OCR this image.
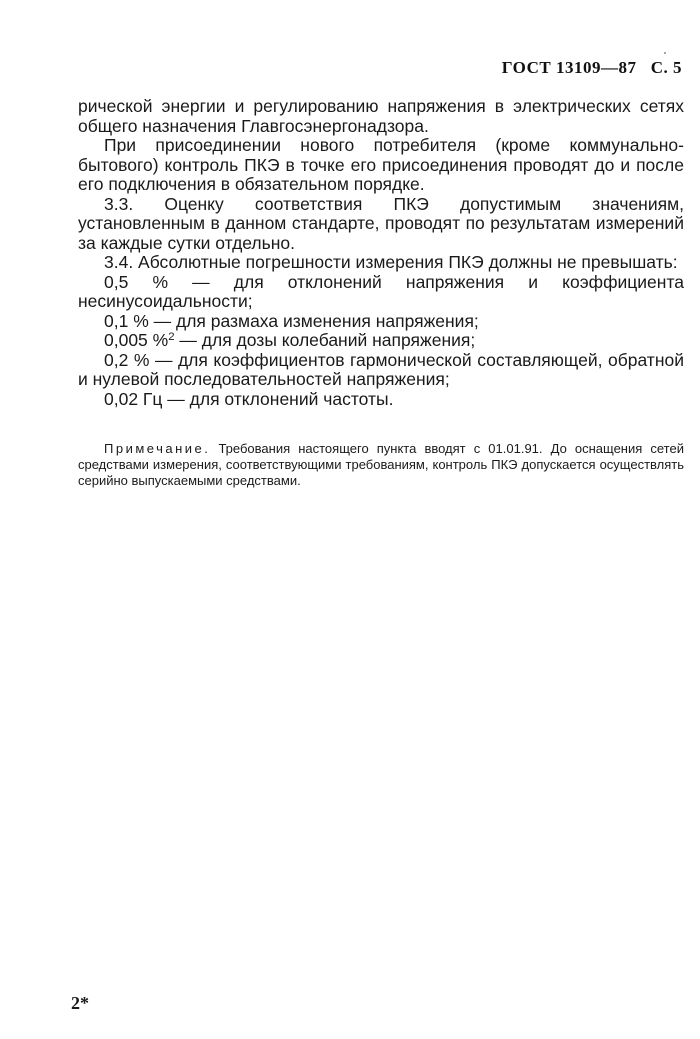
ГОСТ 13109—87 С. 5

рической энергии и регулированию напряжения в электрических сетях общего назначения Главгосэнергонадзора.

При присоединении нового потребителя (кроме коммунально-бытового) контроль ПКЭ в точке его присоединения проводят до и после его подключения в обязательном порядке.

3.3. Оценку соответствия ПКЭ допустимым значениям, установленным в данном стандарте, проводят по результатам измерений за каждые сутки отдельно.

3.4. Абсолютные погрешности измерения ПКЭ должны не превышать:

0,5 % — для отклонений напряжения и коэффициента несинусоидальности;

0,1 % — для размаха изменения напряжения;

0,005 %$^2$ — для дозы колебаний напряжения;

0,2 % — для коэффициентов гармонической составляющей, обратной и нулевой последовательностей напряжения;

0,02 Гц — для отклонений частоты.

Примечание. Требования настоящего пункта вводят с 01.01.91. До оснащения сетей средствами измерения, соответствующими требованиям, контроль ПКЭ допускается осуществлять серийно выпускаемыми средствами.

2*
